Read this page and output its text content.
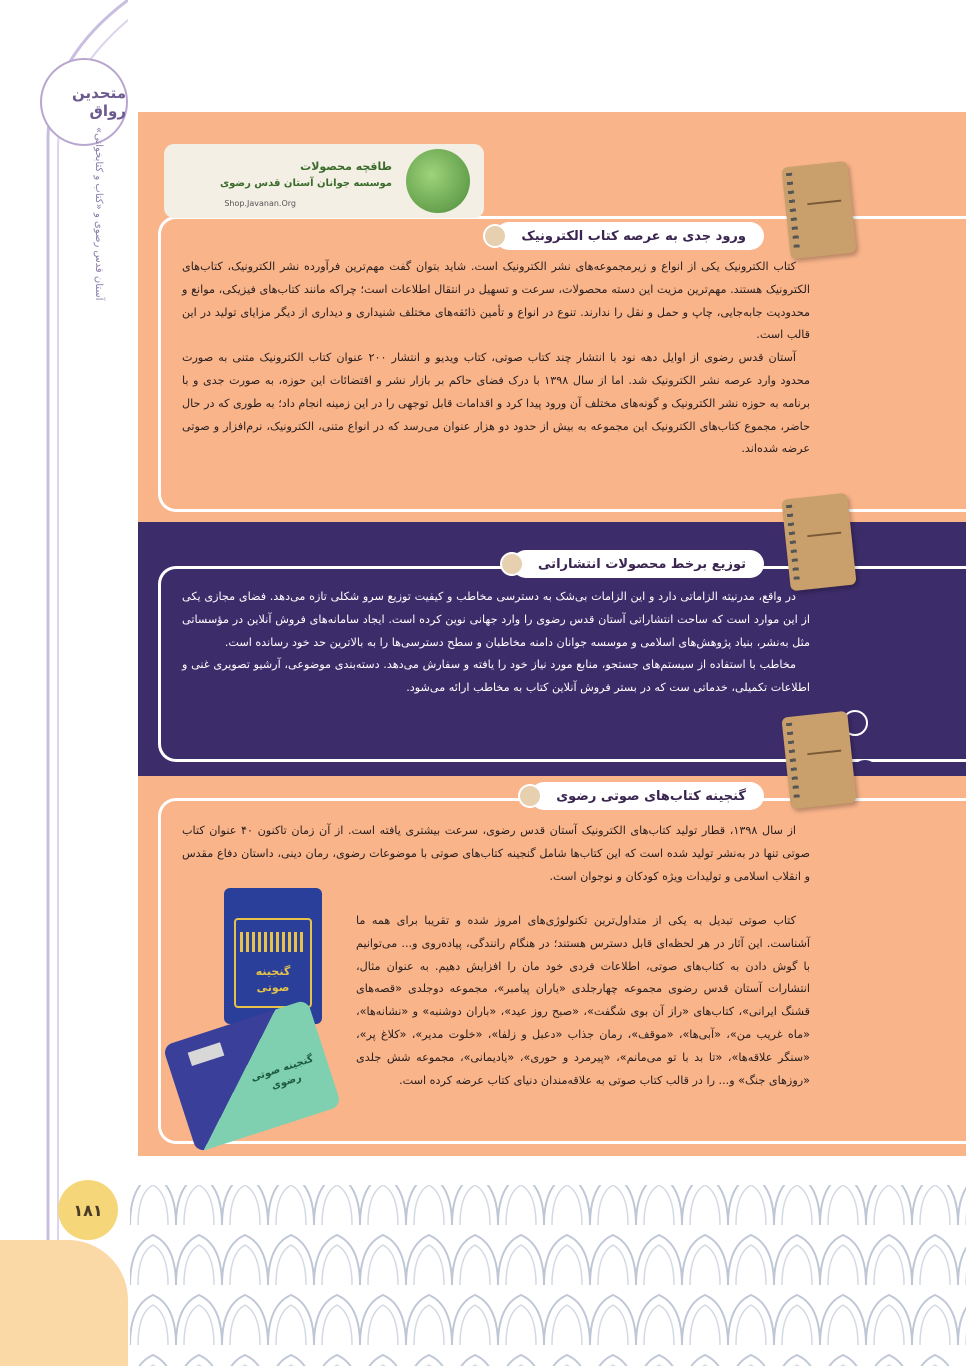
متحدین رواق
آستان قدس رضوی و «کتاب و کتابخوانی»
۱۸۱
طاقچه محصولات
موسسه جوانان آستان قدس رضوی
Shop.Javanan.Org
ورود جدی به عرصه کتاب الکترونیک

کتاب الکترونیک یکی از انواع و زیرمجموعه‌های نشر الکترونیک است. شاید بتوان گفت مهم‌ترین فرآورده نشر الکترونیک، کتاب‌های الکترونیک هستند. مهم‌ترین مزیت این دسته محصولات، سرعت و تسهیل در انتقال اطلاعات است؛ چراکه مانند کتاب‌های فیزیکی، موانع و محدودیت جابه‌جایی، چاپ و حمل و نقل را ندارند. تنوع در انواع و تأمین ذائقه‌های مختلف شنیداری و دیداری از دیگر مزایای تولید در این قالب است.

آستان قدس رضوی از اوایل دهه نود با انتشار چند کتاب صوتی، کتاب ویدیو و انتشار ۲۰۰ عنوان کتاب الکترونیک متنی به صورت محدود وارد عرصه نشر الکترونیک شد. اما از سال ۱۳۹۸ با درک فضای حاکم بر بازار نشر و اقتضائات این حوزه، به صورت جدی و با برنامه به حوزه نشر الکترونیک و گونه‌های مختلف آن ورود پیدا کرد و اقدامات قابل توجهی را در این زمینه انجام داد؛ به طوری که در حال حاضر، مجموع کتاب‌های الکترونیک این مجموعه به بیش از حدود دو هزار عنوان می‌رسد که در انواع متنی، الکترونیک، نرم‌افزار و صوتی عرضه شده‌اند.

توزیع برخط محصولات انتشاراتی

در واقع، مدرنیته الزاماتی دارد و این الزامات بی‌شک به دسترسی مخاطب و کیفیت توزیع سرو شکلی تازه می‌دهد. فضای مجازی یکی از این موارد است که ساحت انتشاراتی آستان قدس رضوی را وارد جهانی نوین کرده است. ایجاد سامانه‌های فروش آنلاین در مؤسساتی مثل به‌نشر، بنیاد پژوهش‌های اسلامی و موسسه جوانان دامنه مخاطبان و سطح دسترسی‌ها را به بالاترین حد خود رسانده است.

مخاطب با استفاده از سیستم‌های جستجو، منابع مورد نیاز خود را یافته و سفارش می‌دهد. دسته‌بندی موضوعی، آرشیو تصویری غنی و اطلاعات تکمیلی، خدماتی ست که در بستر فروش آنلاین کتاب به مخاطب ارائه می‌شود.

گنجینه کتاب‌های صوتی رضوی

از سال ۱۳۹۸، قطار تولید کتاب‌های الکترونیک آستان قدس رضوی، سرعت بیشتری یافته است. از آن زمان تاکنون ۴۰ عنوان کتاب صوتی تنها در به‌نشر تولید شده است که این کتاب‌ها شامل گنجینه کتاب‌های صوتی با موضوعات رضوی، رمان دینی، داستان دفاع مقدس و انقلاب اسلامی و تولیدات ویژه کودکان و نوجوان است.

کتاب صوتی تبدیل به یکی از متداول‌ترین تکنولوژی‌های امروز شده و تقریبا برای همه ما آشناست. این آثار در هر لحظه‌ای قابل دسترس هستند؛ در هنگام رانندگی، پیاده‌روی و... می‌توانیم با گوش دادن به کتاب‌های صوتی، اطلاعات فردی خود مان را افزایش دهیم. به عنوان مثال، انتشارات آستان قدس رضوی مجموعه چهارجلدی «یاران پیامبر»، مجموعه دوجلدی «قصه‌های قشنگ ایرانی»، کتاب‌های «راز آن بوی شگفت»، «صبح روز عید»، «باران دوشنبه» و «نشانه‌ها»، «ماه غریب من»، «آبی‌ها»، «موقف»، رمان جذاب «دعبل و زلفا»، «خلوت مدیر»، «کلاغ پر»، «سنگر علاقه‌ها»، «تا بد با تو می‌مانم»، «پیرمرد و حوری»، «یادیمانی»، مجموعه شش جلدی «روزهای جنگ» و... را در قالب کتاب صوتی به علاقه‌مندان دنیای کتاب عرضه کرده است.

گنجینه صوتی
گنجینه صوتی رضوی
